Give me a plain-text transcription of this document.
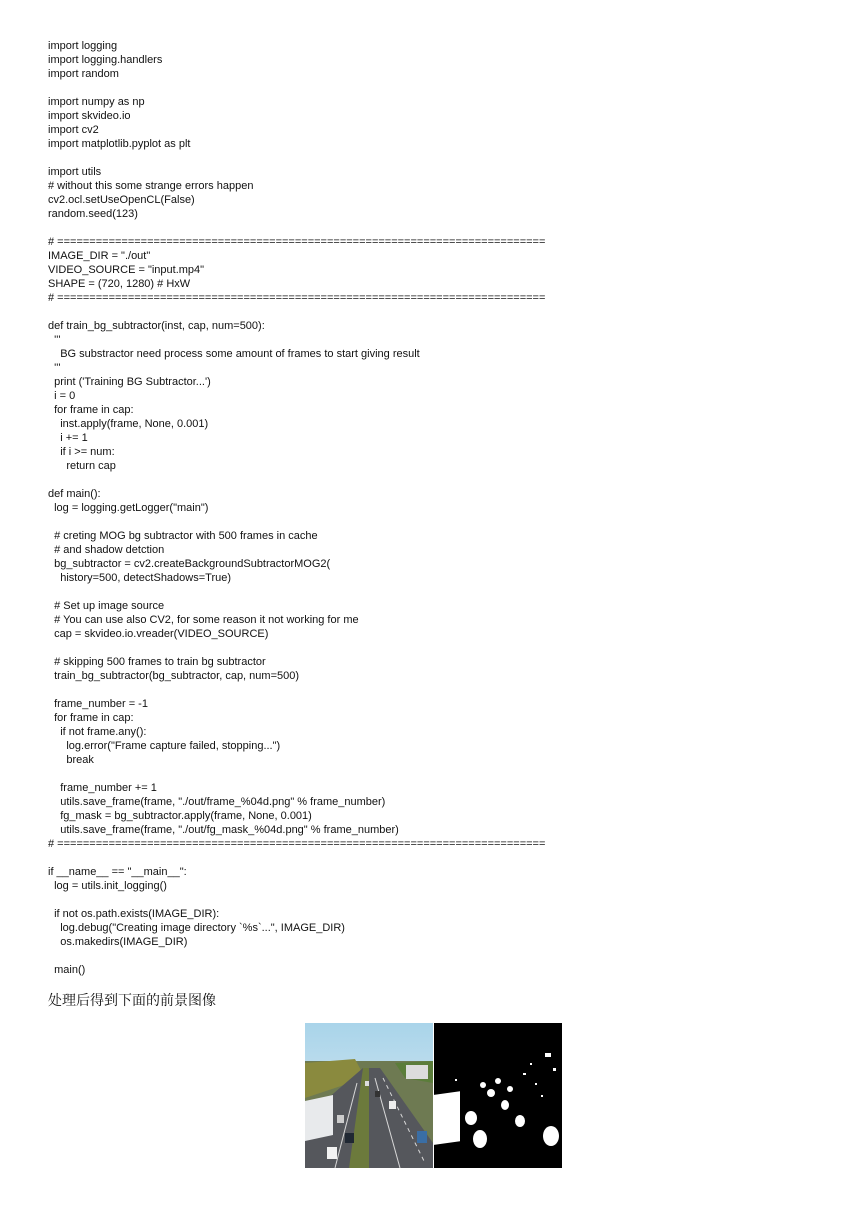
import logging
import logging.handlers
import random

import numpy as np
import skvideo.io
import cv2
import matplotlib.pyplot as plt

import utils
# without this some strange errors happen
cv2.ocl.setUseOpenCL(False)
random.seed(123)

# ============================================================================
IMAGE_DIR = "./out"
VIDEO_SOURCE = "input.mp4"
SHAPE = (720, 1280) # HxW
# ============================================================================

def train_bg_subtractor(inst, cap, num=500):
'''
BG substractor need process some amount of frames to start giving result
'''
print ('Training BG Subtractor...')
i = 0
for frame in cap:
inst.apply(frame, None, 0.001)
i += 1
if i >= num:
return cap

def main():
log = logging.getLogger("main")

# creting MOG bg subtractor with 500 frames in cache
# and shadow detction
bg_subtractor = cv2.createBackgroundSubtractorMOG2(
history=500, detectShadows=True)

# Set up image source
# You can use also CV2, for some reason it not working for me
cap = skvideo.io.vreader(VIDEO_SOURCE)

# skipping 500 frames to train bg subtractor
train_bg_subtractor(bg_subtractor, cap, num=500)

frame_number = -1
for frame in cap:
if not frame.any():
log.error("Frame capture failed, stopping...")
break

frame_number += 1
utils.save_frame(frame, "./out/frame_%04d.png" % frame_number)
fg_mask = bg_subtractor.apply(frame, None, 0.001)
utils.save_frame(frame, "./out/fg_mask_%04d.png" % frame_number)
# ============================================================================

if __name__ == "__main__":
log = utils.init_logging()

if not os.path.exists(IMAGE_DIR):
log.debug("Creating image directory `%s`...", IMAGE_DIR)
os.makedirs(IMAGE_DIR)

main()
处理后得到下面的前景图像
